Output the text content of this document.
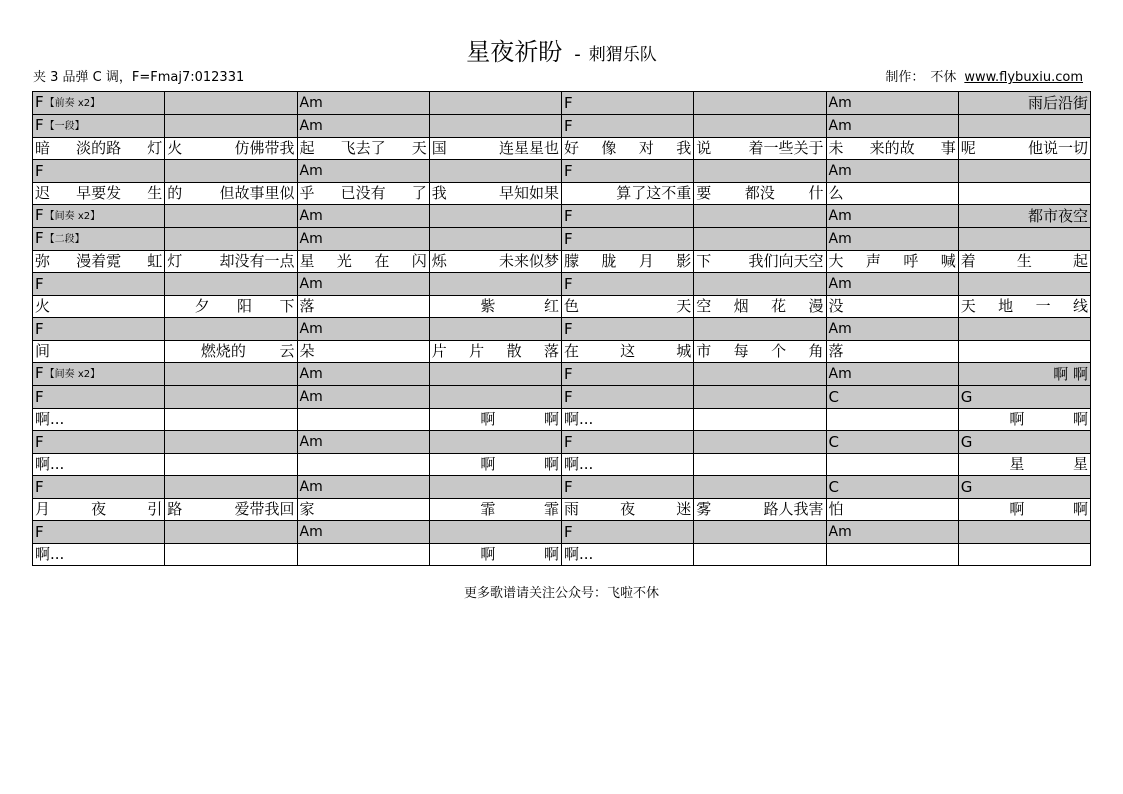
星夜祈盼 - 刺猬乐队
夹 3 品弹 C 调，F=Fmaj7:012331	制作： 不休 www.flybuxiu.com
F【前奏 x2】		Am		F		Am	雨后沿街

F【一段】		Am		F		Am	

暗 淡的路 灯	火 仿佛带我	起 飞去了 天	国 连星星也	好 像 对 我	说 着一些关于	未 来的故 事	呢 他说一切

F		Am		F		Am	

迟 早要发 生	的 但故事里似	乎 已没有 了	我 早知如果	算了这不重	要 都没 什	么	

F【间奏 x2】		Am		F		Am	都市夜空

F【二段】		Am		F		Am	

弥 漫着霓 虹	灯 却没有一点	星 光 在 闪	烁 未来似梦	朦 胧 月 影	下 我们向天空	大 声 呼 喊	着 生 起

F		Am		F		Am	

火	夕 阳 下	落	紫 红	色 天	空 烟 花 漫	没	天 地 一 线

F		Am		F		Am	

间	燃烧的 云	朵	片 片 散 落	在 这 城	市 每 个 角	落	

F【间奏 x2】		Am		F		Am	啊 啊

F		Am		F		C	G

啊...			啊 啊	啊...			啊 啊

F		Am		F		C	G

啊...			啊 啊	啊...			星 星

F		Am		F		C	G

月 夜 引	路 爱带我回	家	霏 霏	雨 夜 迷	雾 路人我害	怕	啊 啊

F		Am		F		Am	

啊...			啊 啊	啊...			

更多歌谱请关注公众号：飞啦不休
